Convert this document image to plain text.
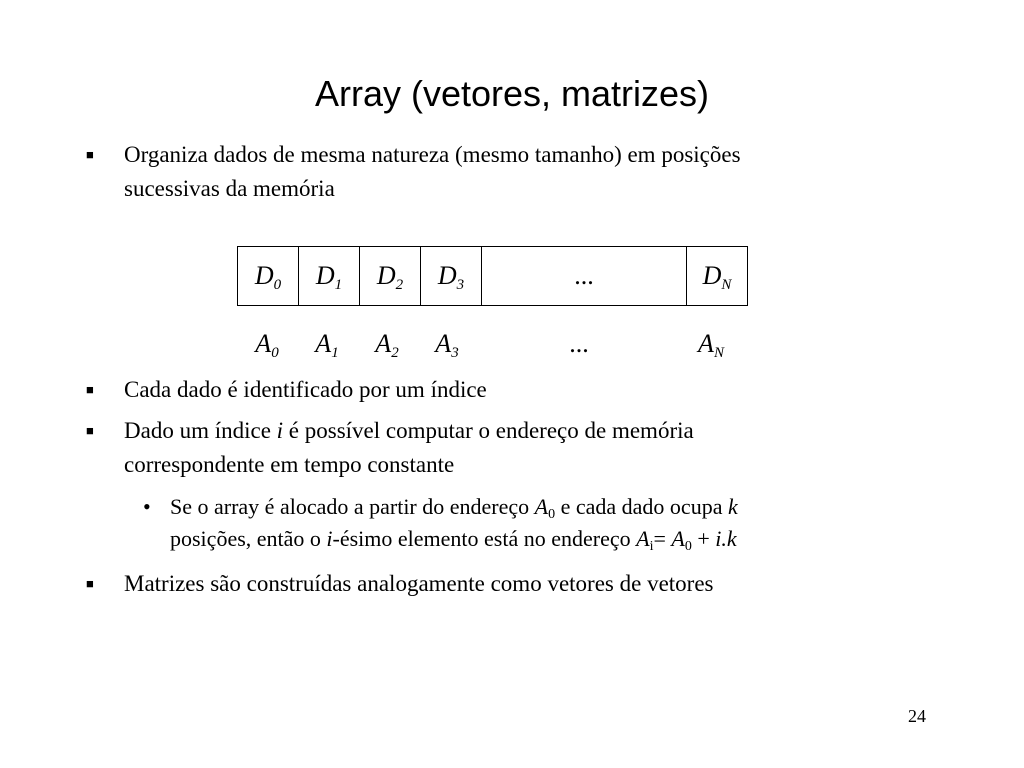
Array (vetores, matrizes)
■ Organiza dados de mesma natureza (mesmo tamanho) em posições
sucessivas da memória
$D_0$	$D_1$	$D_2$	$D_3$	...	$D_N$
$A_0$	$A_1$	$A_2$	$A_3$	...	$A_N$
■ Cada dado é identificado por um índice
■ Dado um índice i é possível computar o endereço de memória
correspondente em tempo constante
• Se o array é alocado a partir do endereço $A_0$ e cada dado ocupa k
posições, então o i-ésimo elemento está no endereço $A_i= A_0 + i.k$
■ Matrizes são construídas analogamente como vetores de vetores
24
